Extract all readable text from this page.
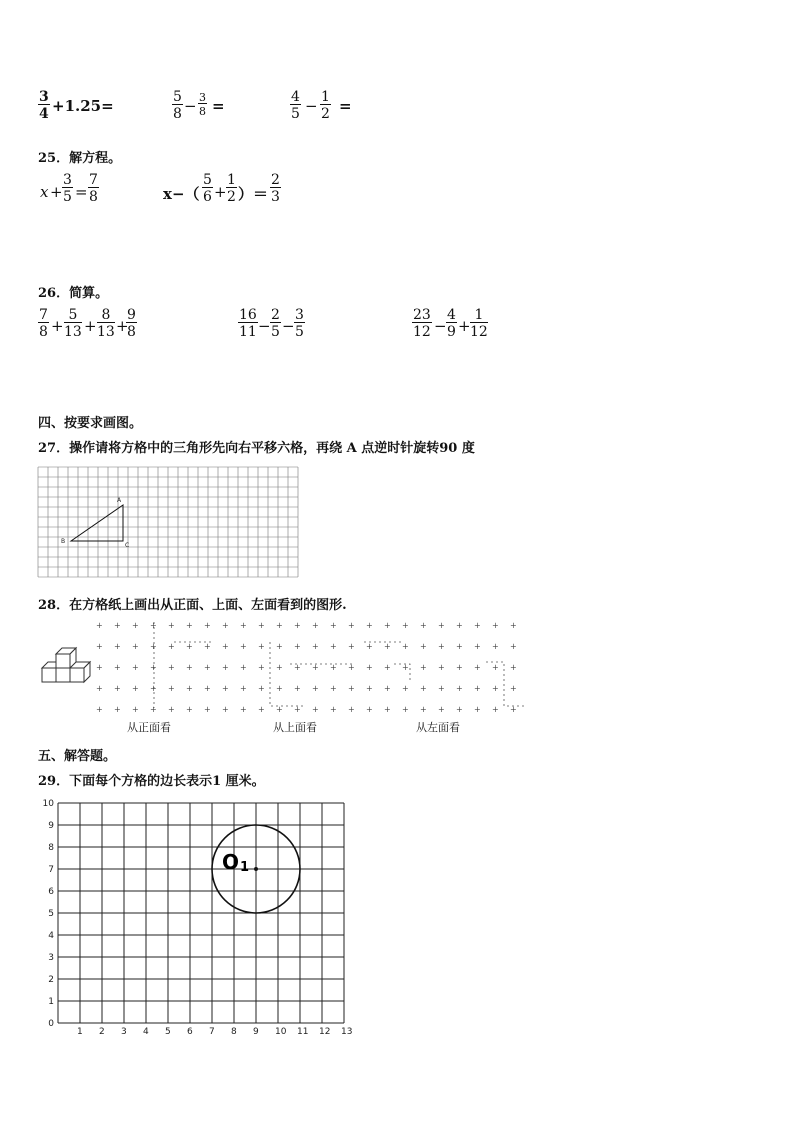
$\frac{3}{4} +1.25=$	$\frac{5}{8} - \frac{3}{8}$ =	$\frac{4}{5} - \frac{1}{2}$ =
25．解方程。
$x + \frac{3}{5} = \frac{7}{8}$	$x-( \frac{5}{6} + \frac{1}{2}$ ）＝ $\frac{2}{3}$
26．简算。
$\frac{7}{8} + \frac{5}{13} + \frac{8}{13}$ +
$\frac{9}{8}$	$\frac{16}{11} - \frac{2}{5} - \frac{3}{5}$	$\frac{23}{12} - \frac{4}{9} + \frac{1}{12}$
四、按要求画图。
27．操作请将方格中的三角形先向右平移六格，再绕 A 点逆时针旋转90 度
A
B
C
28．在方格纸上画出从正面、上面、左面看到的图形.
+ + + + + + + + + + + + + + + + + + + + + + + +
+ + + + + + + + + + + + + + + + + + + + + + + +
+ + + + + + + + + + + + + + + + + + + + + + + +
+ + + + + + + + + + + + + + + + + + + + + + + +
+ + + + + + + + + + + + + + + + + + + + + + + +
从正面看	从上面看	从左面看
五、解答题。
29．下面每个方格的边长表示1 厘米。
1 2 3 4 5 6 7 8 9 10 11 12 13
0
1
2
3
4
5
6
7
8
9
10
O 1
